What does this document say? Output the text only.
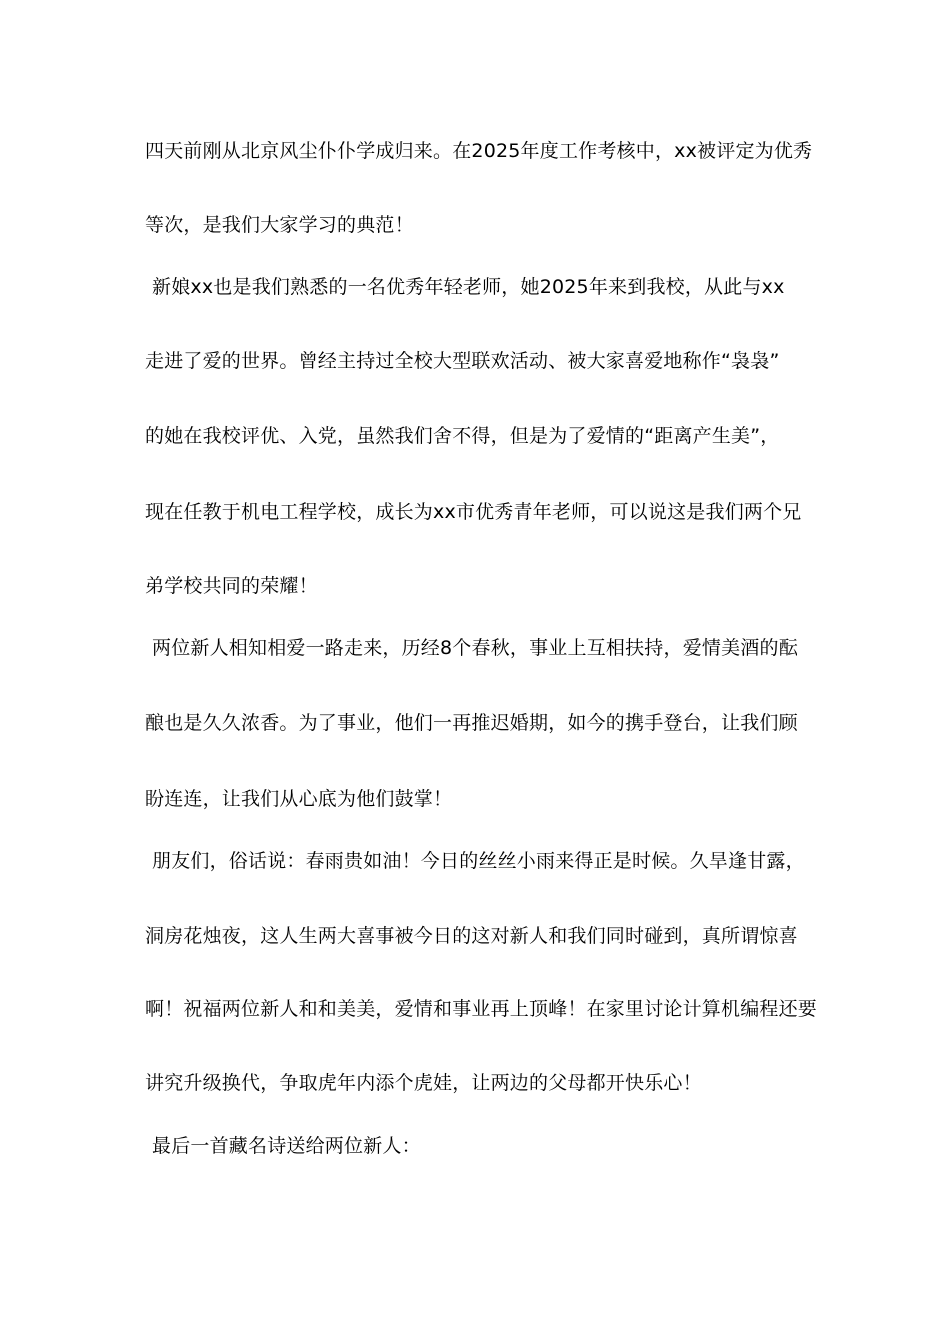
四天前刚从北京风尘仆仆学成归来。在2025年度工作考核中，xx被评定为优秀
等次，是我们大家学习的典范！
新娘xx也是我们熟悉的一名优秀年轻老师，她2025年来到我校，从此与xx
走进了爱的世界。曾经主持过全校大型联欢活动、被大家喜爱地称作“袅袅”
的她在我校评优、入党，虽然我们舍不得，但是为了爱情的“距离产生美”，
现在任教于机电工程学校，成长为xx市优秀青年老师，可以说这是我们两个兄
弟学校共同的荣耀！
两位新人相知相爱一路走来，历经8个春秋，事业上互相扶持，爱情美酒的酝
酿也是久久浓香。为了事业，他们一再推迟婚期，如今的携手登台，让我们顾
盼连连，让我们从心底为他们鼓掌！
朋友们，俗话说：春雨贵如油！今日的丝丝小雨来得正是时候。久旱逢甘露，
洞房花烛夜，这人生两大喜事被今日的这对新人和我们同时碰到，真所谓惊喜
啊！祝福两位新人和和美美，爱情和事业再上顶峰！在家里讨论计算机编程还要
讲究升级换代，争取虎年内添个虎娃，让两边的父母都开快乐心！
最后一首藏名诗送给两位新人：
